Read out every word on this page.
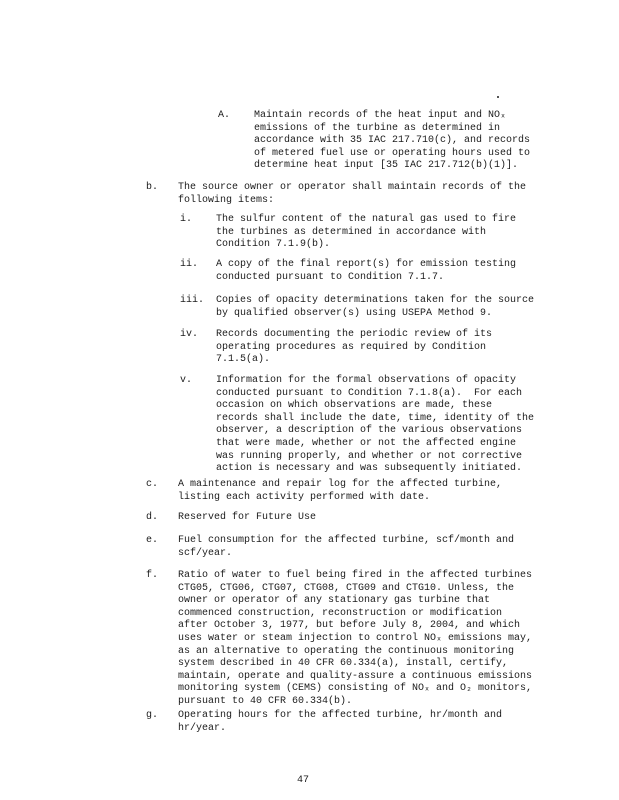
A. Maintain records of the heat input and NOₓ
emissions of the turbine as determined in
accordance with 35 IAC 217.710(c), and records
of metered fuel use or operating hours used to
determine heat input [35 IAC 217.712(b)(1)].
b. The source owner or operator shall maintain records of the
following items:
i. The sulfur content of the natural gas used to fire
the turbines as determined in accordance with
Condition 7.1.9(b).
ii. A copy of the final report(s) for emission testing
conducted pursuant to Condition 7.1.7.
iii. Copies of opacity determinations taken for the source
by qualified observer(s) using USEPA Method 9.
iv. Records documenting the periodic review of its
operating procedures as required by Condition
7.1.5(a).
v. Information for the formal observations of opacity
conducted pursuant to Condition 7.1.8(a).  For each
occasion on which observations are made, these
records shall include the date, time, identity of the
observer, a description of the various observations
that were made, whether or not the affected engine
was running properly, and whether or not corrective
action is necessary and was subsequently initiated.
c. A maintenance and repair log for the affected turbine,
listing each activity performed with date.
d. Reserved for Future Use
e. Fuel consumption for the affected turbine, scf/month and
scf/year.
f. Ratio of water to fuel being fired in the affected turbines
CTG05, CTG06, CTG07, CTG08, CTG09 and CTG10. Unless, the
owner or operator of any stationary gas turbine that
commenced construction, reconstruction or modification
after October 3, 1977, but before July 8, 2004, and which
uses water or steam injection to control NOₓ emissions may,
as an alternative to operating the continuous monitoring
system described in 40 CFR 60.334(a), install, certify,
maintain, operate and quality-assure a continuous emissions
monitoring system (CEMS) consisting of NOₓ and O₂ monitors,
pursuant to 40 CFR 60.334(b).
g. Operating hours for the affected turbine, hr/month and
hr/year.
47
